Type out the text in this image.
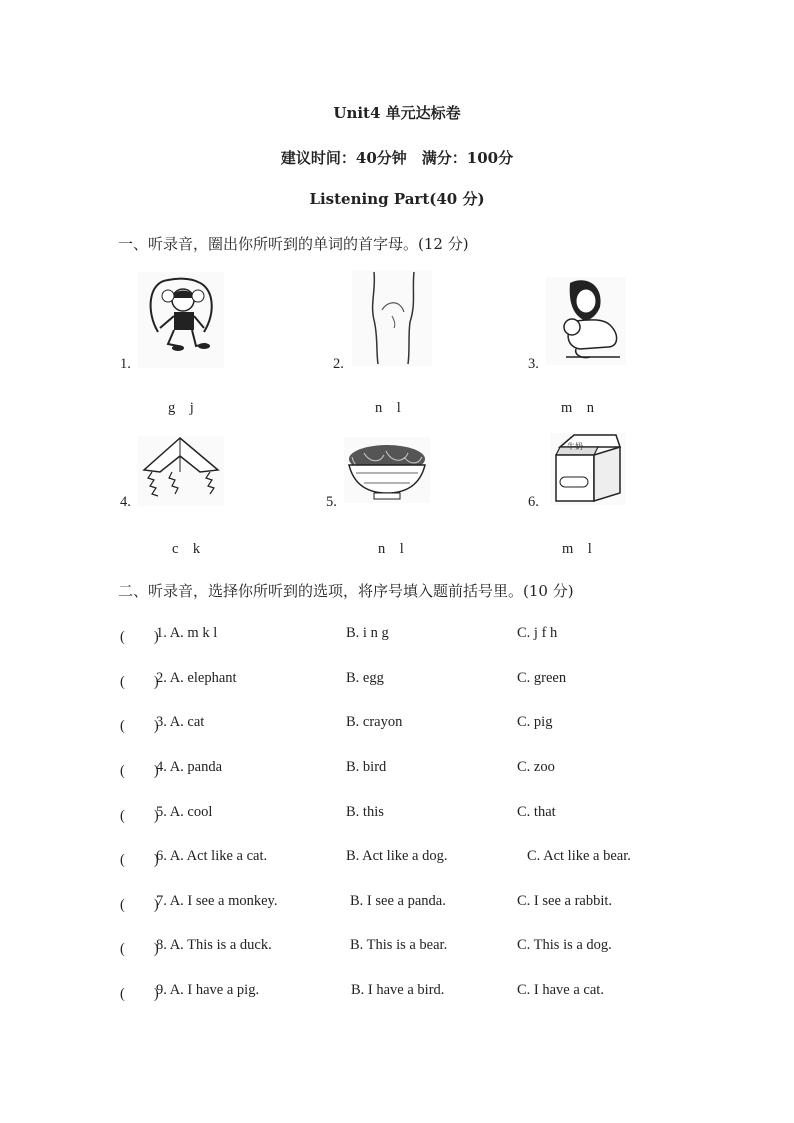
Unit4 单元达标卷
建议时间：40分钟　满分：100分
Listening Part(40 分)
一、听录音，圈出你所听到的单词的首字母。(12 分)
1.
g　j
2.
n　l
3.
m　n
4.
c　k
5.
n　l
6.
牛奶
m　l
二、听录音，选择你所听到的选项，将序号填入题前括号里。(10 分)
(　　)
1. A. m k l	B. i n g	C. j f h
(　　)
2. A. elephant	B. egg	C. green
(　　)
3. A. cat	B. crayon	C. pig
(　　)
4. A. panda	B. bird	C. zoo
(　　)
5. A. cool	B. this	C. that
(　　)
6. A. Act like a cat.	B. Act like a dog.	C. Act like a bear.
(　　)
7. A. I see a monkey.	B. I see a panda.	C. I see a rabbit.
(　　)
8. A. This is a duck.	B. This is a bear.	C. This is a dog.
(　　)
9. A. I have a pig.	B. I have a bird.	C. I have a cat.
